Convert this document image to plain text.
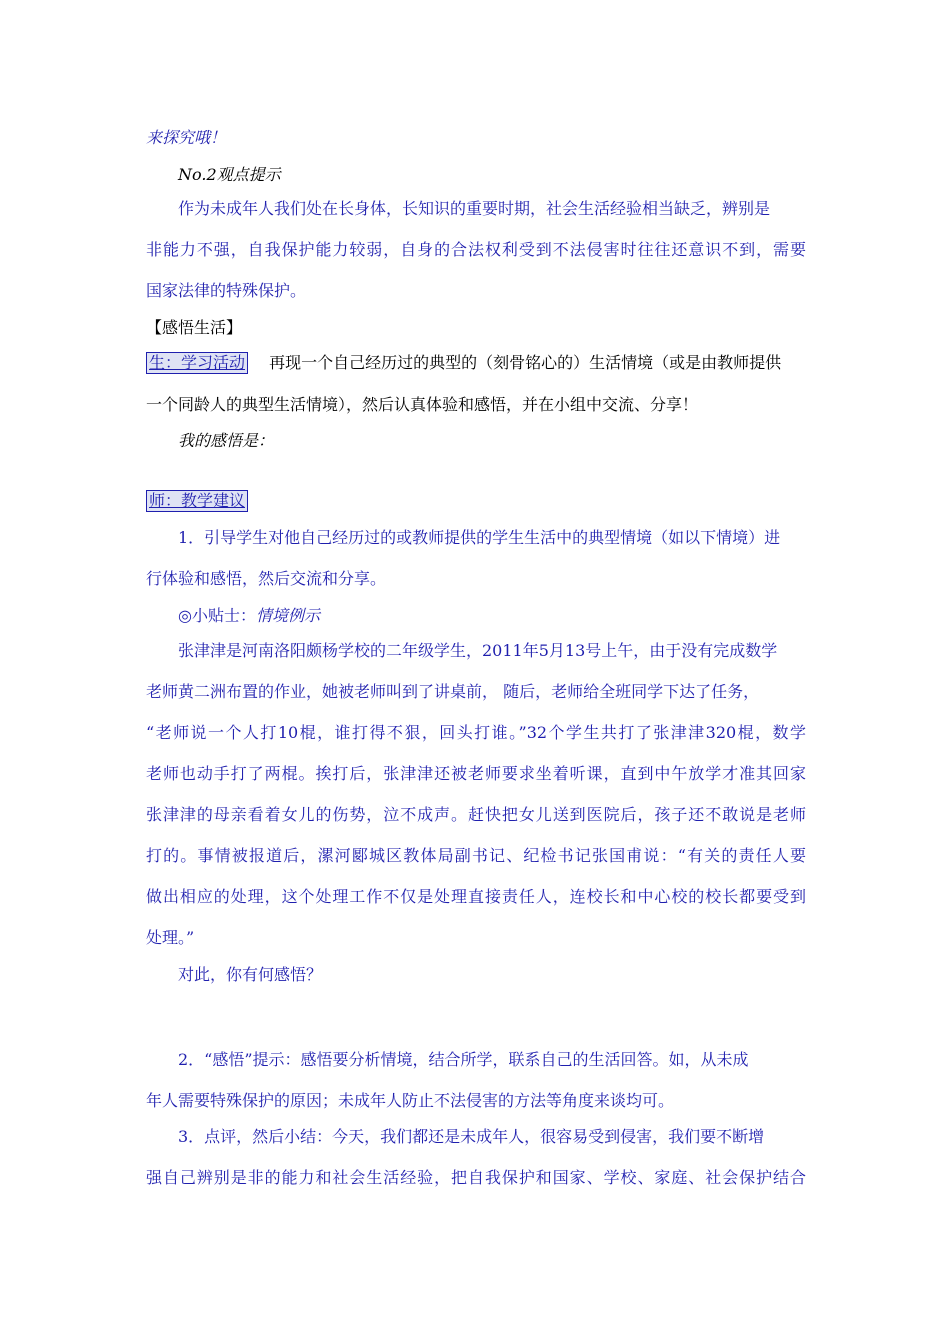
来探究哦！
No.2观点提示
作为未成年人我们处在长身体，长知识的重要时期，社会生活经验相当缺乏，辨别是
非能力不强，自我保护能力较弱，自身的合法权利受到不法侵害时往往还意识不到，需要
国家法律的特殊保护。
【感悟生活】
生：学习活动 再现一个自己经历过的典型的（刻骨铭心的）生活情境（或是由教师提供
一个同龄人的典型生活情境），然后认真体验和感悟，并在小组中交流、分享！
我的感悟是：
师：教学建议
1．引导学生对他自己经历过的或教师提供的学生生活中的典型情境（如以下情境）进
行体验和感悟，然后交流和分享。
◎小贴士：情境例示
张津津是河南洛阳颇杨学校的二年级学生，2011年5月13号上午，由于没有完成数学
老师黄二洲布置的作业，她被老师叫到了讲桌前， 随后，老师给全班同学下达了任务，
“老师说一个人打10棍，谁打得不狠，回头打谁。”32个学生共打了张津津320棍，数学
老师也动手打了两棍。挨打后，张津津还被老师要求坐着听课，直到中午放学才准其回家
张津津的母亲看着女儿的伤势，泣不成声。赶快把女儿送到医院后，孩子还不敢说是老师
打的。事情被报道后，漯河郾城区教体局副书记、纪检书记张国甫说：“有关的责任人要
做出相应的处理，这个处理工作不仅是处理直接责任人，连校长和中心校的校长都要受到
处理。”
对此，你有何感悟？
2．“感悟”提示：感悟要分析情境，结合所学，联系自己的生活回答。如，从未成
年人需要特殊保护的原因；未成年人防止不法侵害的方法等角度来谈均可。
3．点评，然后小结：今天，我们都还是未成年人，很容易受到侵害，我们要不断增
强自己辨别是非的能力和社会生活经验，把自我保护和国家、学校、家庭、社会保护结合
